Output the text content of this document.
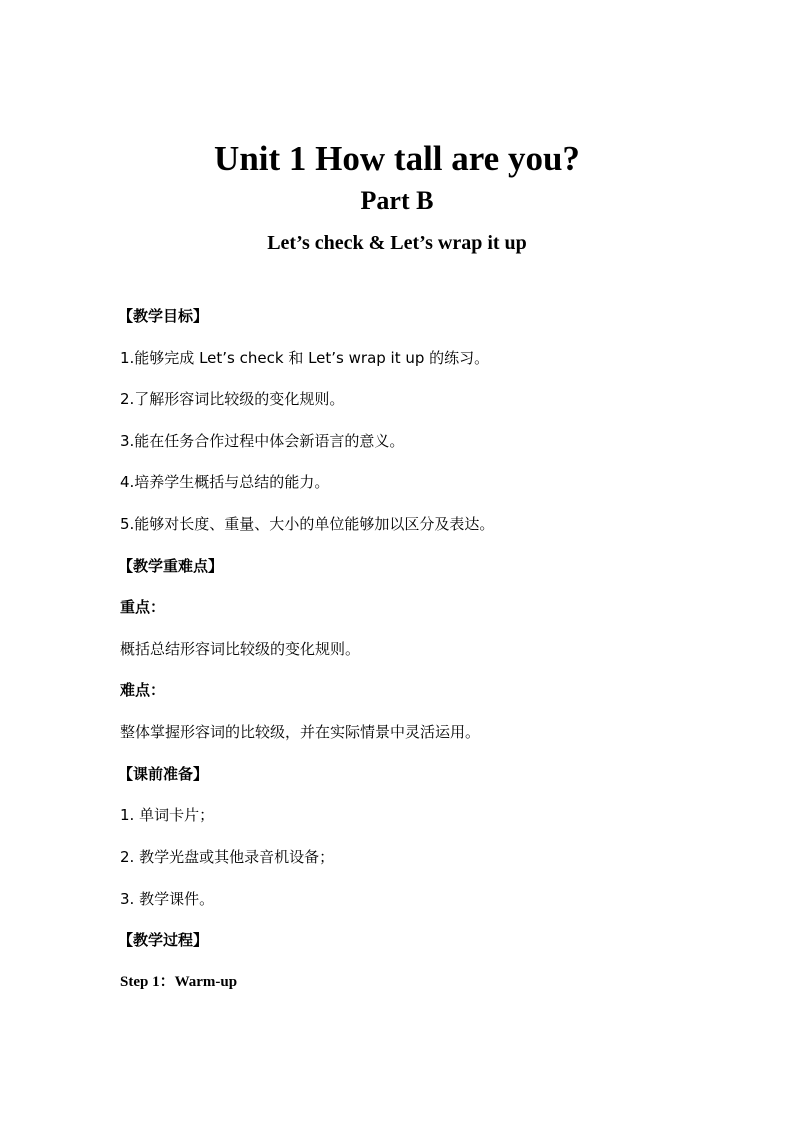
Unit 1 How tall are you?
Part B
Let’s check & Let’s wrap it up
【教学目标】
1.能够完成 Let’s check 和 Let’s wrap it up 的练习。
2.了解形容词比较级的变化规则。
3.能在任务合作过程中体会新语言的意义。
4.培养学生概括与总结的能力。
5.能够对长度、重量、大小的单位能够加以区分及表达。
【教学重难点】
重点：
概括总结形容词比较级的变化规则。
难点：
整体掌握形容词的比较级，并在实际情景中灵活运用。
【课前准备】
1. 单词卡片；
2. 教学光盘或其他录音机设备；
3. 教学课件。
【教学过程】
Step 1：Warm-up
